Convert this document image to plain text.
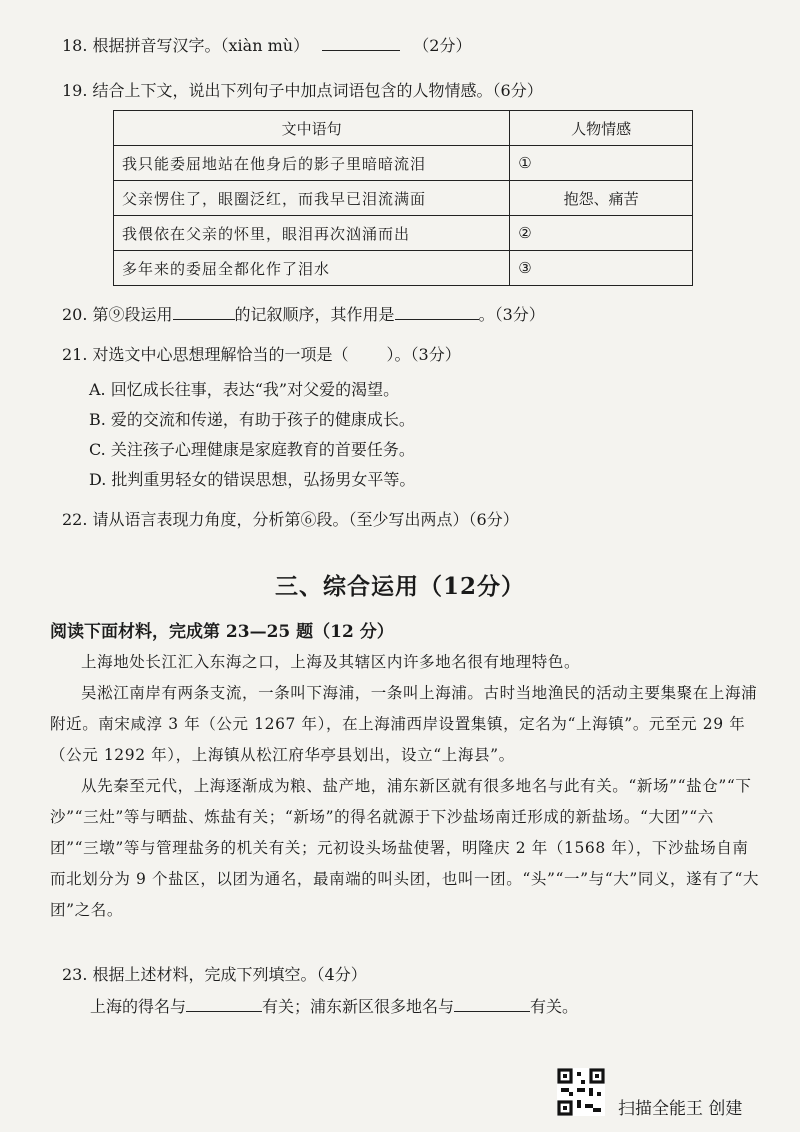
18. 根据拼音写汉字。（xiàn mù）	（2分）
19. 结合上下文，说出下列句子中加点词语包含的人物情感。（6分）
文中语句	人物情感
我只能委屈地站在他身后的影子里暗暗流泪	①
父亲愣住了，眼圈泛红，而我早已泪流满面	抱怨、痛苦
我偎依在父亲的怀里，眼泪再次汹涌而出	②
多年来的委屈全都化作了泪水	③
20. 第⑨段运用	的记叙顺序，其作用是	。（3分）
21. 对选文中心思想理解恰当的一项是（ ）。（3分）
A. 回忆成长往事，表达“我”对父爱的渴望。
B. 爱的交流和传递，有助于孩子的健康成长。
C. 关注孩子心理健康是家庭教育的首要任务。
D. 批判重男轻女的错误思想，弘扬男女平等。
22. 请从语言表现力角度，分析第⑥段。（至少写出两点）（6分）
三、综合运用（12分）
阅读下面材料，完成第 23—25 题（12 分）

上海地处长江汇入东海之口，上海及其辖区内许多地名很有地理特色。

吴淞江南岸有两条支流，一条叫下海浦，一条叫上海浦。古时当地渔民的活动主要集聚在上海浦附近。南宋咸淳 3 年（公元 1267 年），在上海浦西岸设置集镇，定名为“上海镇”。元至元 29 年（公元 1292 年），上海镇从松江府华亭县划出，设立“上海县”。

从先秦至元代，上海逐渐成为粮、盐产地，浦东新区就有很多地名与此有关。“新场”“盐仓”“下沙”“三灶”等与晒盐、炼盐有关；“新场”的得名就源于下沙盐场南迁形成的新盐场。“大团”“六团”“三墩”等与管理盐务的机关有关；元初设头场盐使署，明隆庆 2 年（1568 年），下沙盐场自南而北划分为 9 个盐区，以团为通名，最南端的叫头团，也叫一团。“头”“一”与“大”同义，遂有了“大团”之名。

23. 根据上述材料，完成下列填空。（4分）
上海的得名与	有关；浦东新区很多地名与	有关。
扫描全能王 创建
